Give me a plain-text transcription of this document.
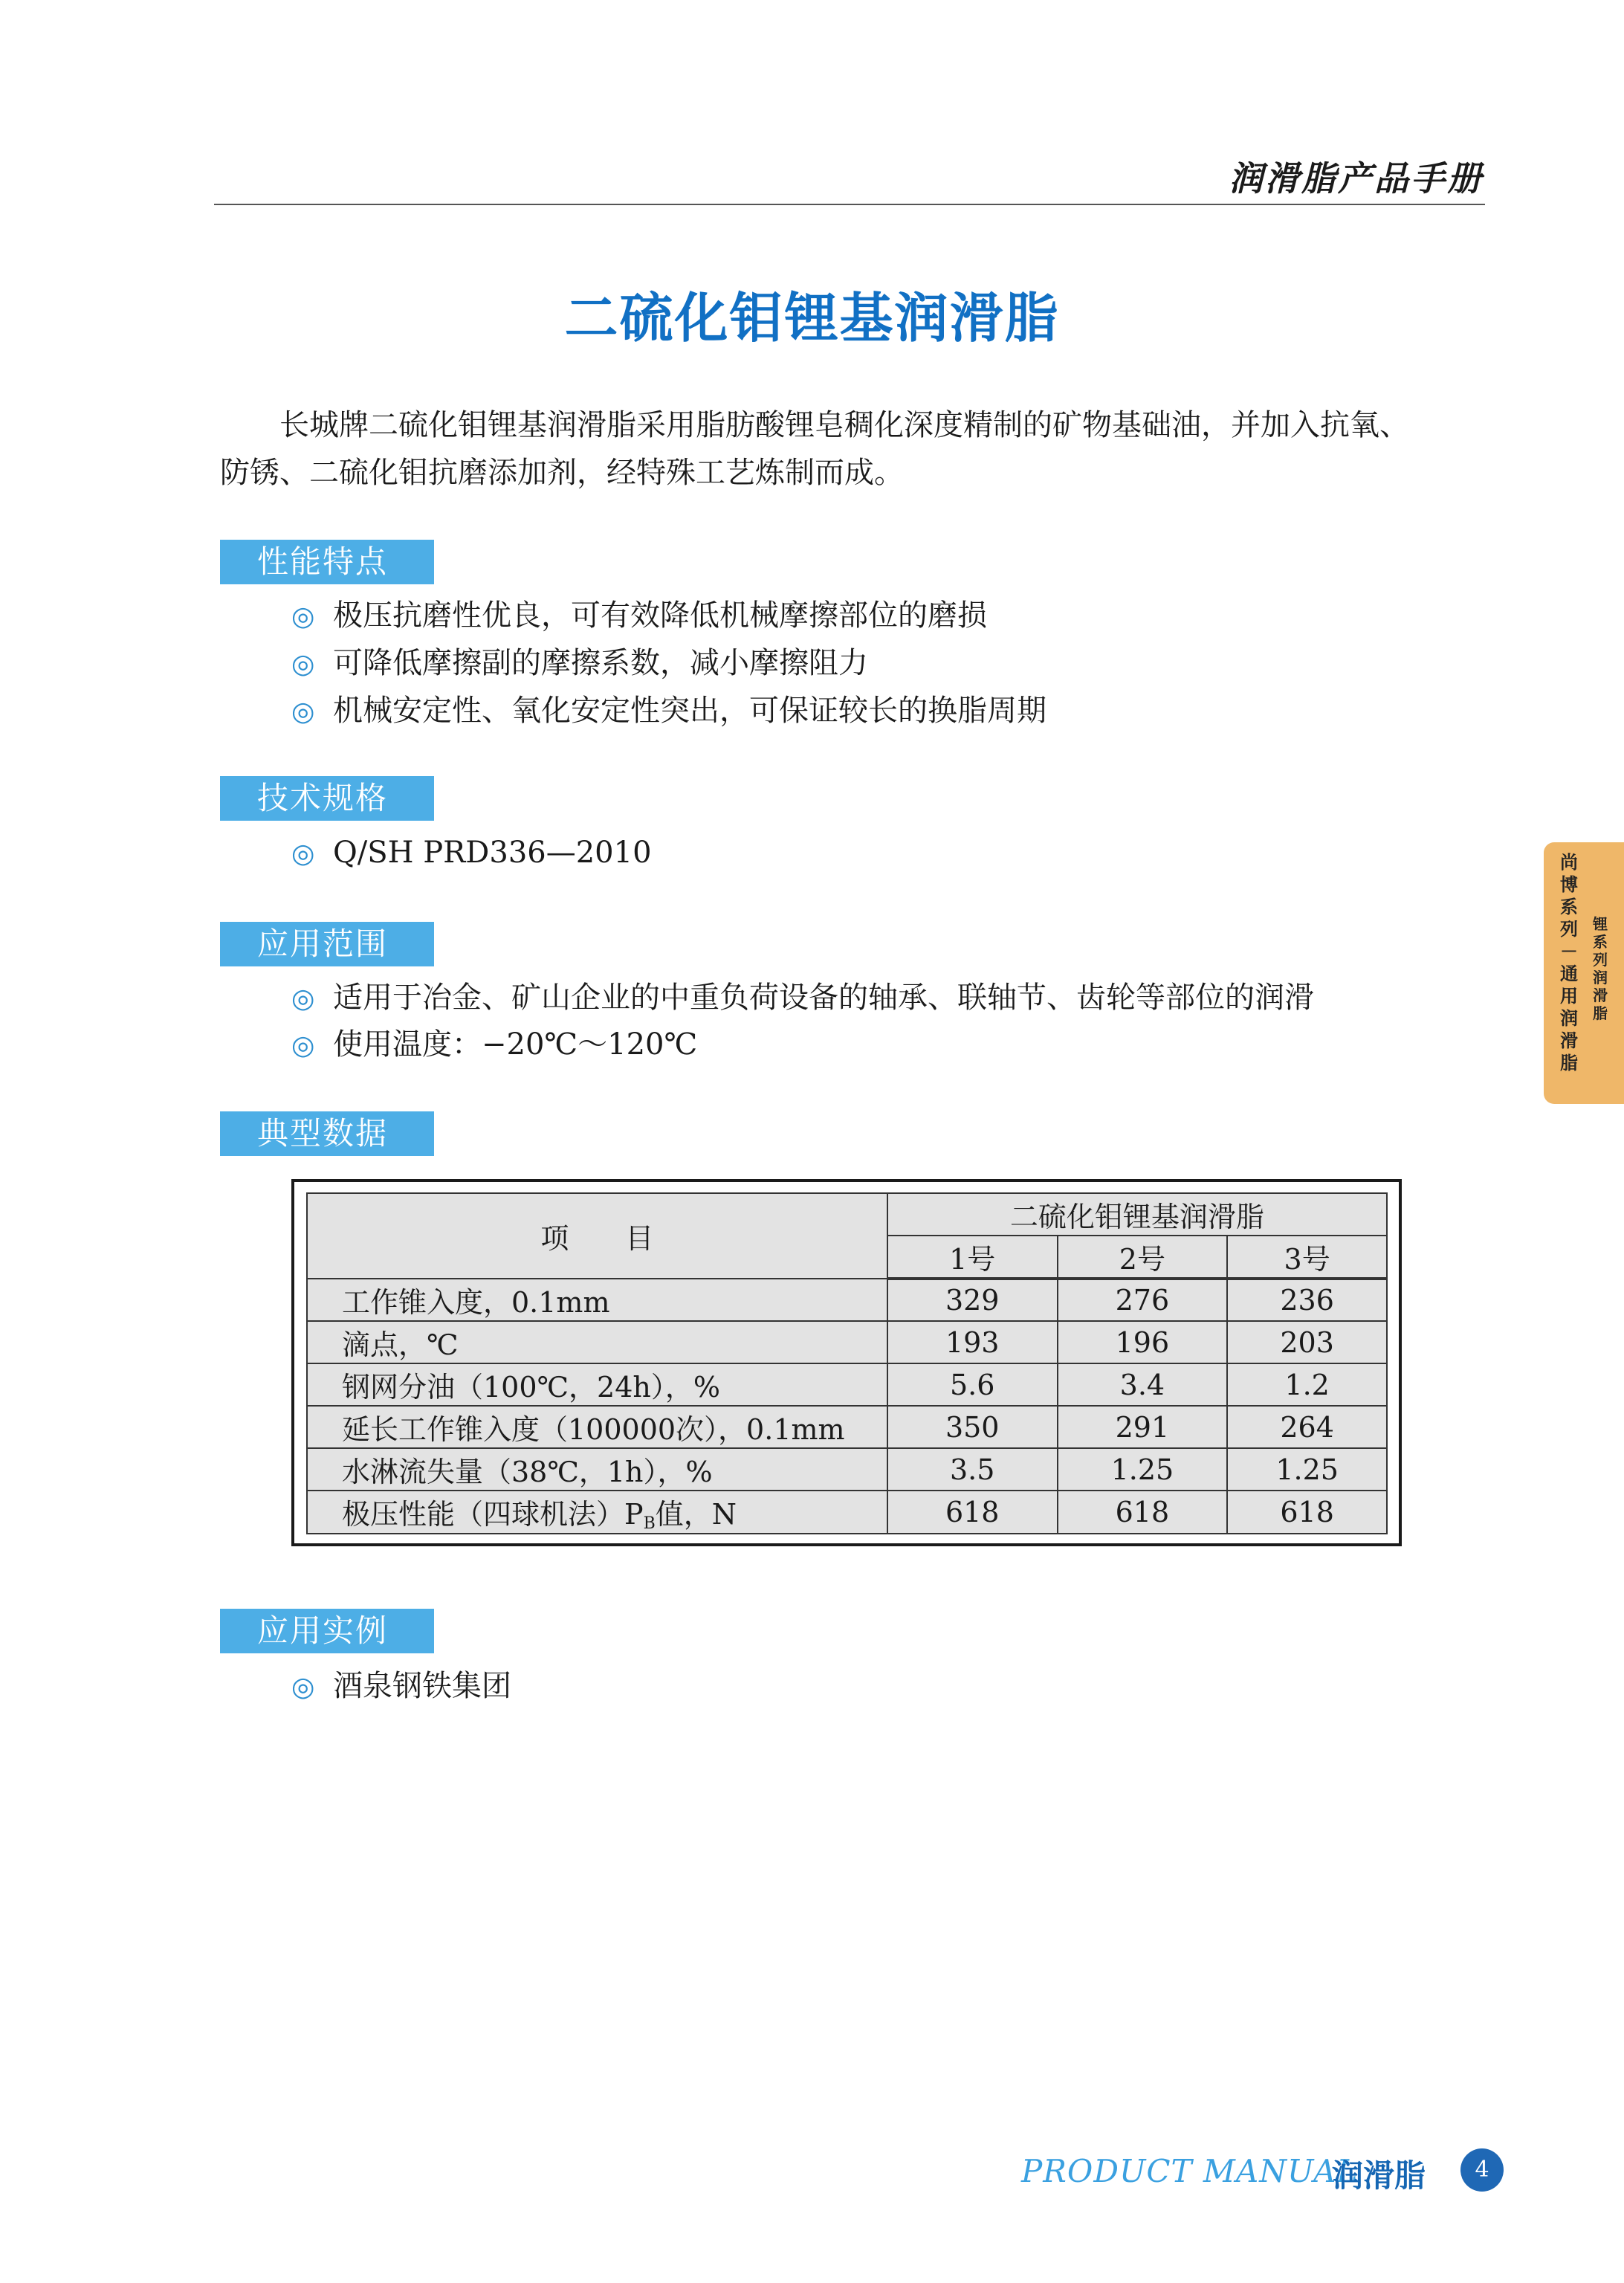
润滑脂产品手册
二硫化钼锂基润滑脂

长城牌二硫化钼锂基润滑脂采用脂肪酸锂皂稠化深度精制的矿物基础油，并加入抗氧、防锈、二硫化钼抗磨添加剂，经特殊工艺炼制而成。

性能特点
◎ 极压抗磨性优良，可有效降低机械摩擦部位的磨损
◎ 可降低摩擦副的摩擦系数，减小摩擦阻力
◎ 机械安定性、氧化安定性突出，可保证较长的换脂周期
技术规格
◎ Q/SH PRD336—2010
应用范围
◎ 适用于冶金、矿山企业的中重负荷设备的轴承、联轴节、齿轮等部位的润滑
◎ 使用温度：−20℃～120℃
典型数据
项　　目	二硫化钼锂基润滑脂		
	1号	2号	3号
工作锥入度，0.1mm	329	276	236
滴点，℃	193	196	203
钢网分油（100℃，24h），%	5.6	3.4	1.2
延长工作锥入度（100000次），0.1mm	350	291	264
水淋流失量（38℃，1h），%	3.5	1.25	1.25
极压性能（四球机法）$P_B$值，N	618	618	618
应用实例
◎ 酒泉钢铁集团
尚博系列－通用润滑脂
锂系列润滑脂
PRODUCT MANUAL
润滑脂	4
